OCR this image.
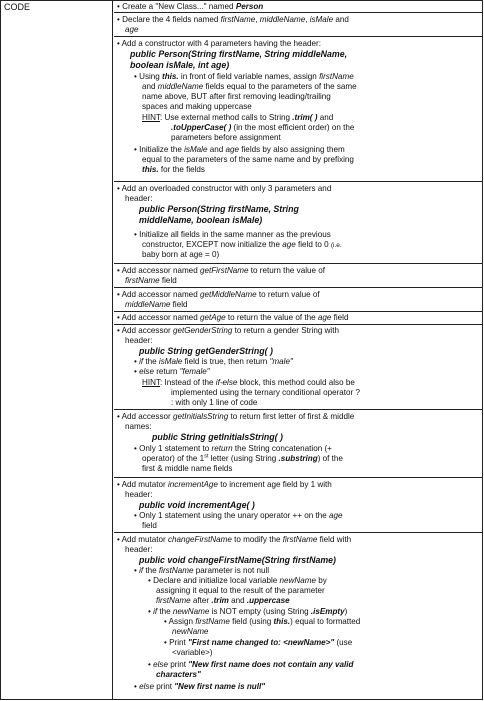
CODE	• Create a "New Class..." named Person
• Declare the 4 fields named firstName, middleName, isMale and
age
• Add a constructor with 4 parameters having the header:
public Person(String firstName, String middleName,
boolean isMale, int age)
• Using this. in front of field variable names, assign firstName
and middleName fields equal to the parameters of the same
name above, BUT after first removing leading/trailing
spaces and making uppercase
HINT: Use external method calls to String .trim( ) and
.toUpperCase( ) (in the most efficient order) on the
parameters before assignment
• Initialize the isMale and age fields by also assigning them
equal to the parameters of the same name and by prefixing
this. for the fields
• Add an overloaded constructor with only 3 parameters and
header:
public Person(String firstName, String
middleName, boolean isMale)
• Initialize all fields in the same manner as the previous
constructor, EXCEPT now initialize the age field to 0 (i.e.
baby born at age = 0)
• Add accessor named getFirstName to return the value of
firstName field
• Add accessor named getMiddleName to return value of
middleName field
• Add accessor named getAge to return the value of the age field
• Add accessor getGenderString to return a gender String with
header:
public String getGenderString( )
• if the isMale field is true, then return "male"
• else return "female"
HINT: Instead of the if-else block, this method could also be
implemented using the ternary conditional operator ?
: with only 1 line of code
• Add accessor getInitialsString to return first letter of first & middle
names:
public String getInitialsString( )
• Only 1 statement to return the String concatenation (+
operator) of the 1st letter (using String .substring) of the
first & middle name fields
• Add mutator incrementAge to increment age field by 1 with
header:
public void incrementAge( )
• Only 1 statement using the unary operator ++ on the age
field
• Add mutator changeFirstName to modify the firstName field with
header:
public void changeFirstName(String firstName)
• if the firstName parameter is not null
• Declare and initialize local variable newName by
assigning it equal to the result of the parameter
firstName after .trim and .uppercase
• if the newName is NOT empty (using String .isEmpty)
• Assign firstName field (using this.) equal to formatted
newName
• Print "First name changed to: <newName>" (use
<variable>)
• else print "New first name does not contain any valid
characters"
• else print "New first name is null"
